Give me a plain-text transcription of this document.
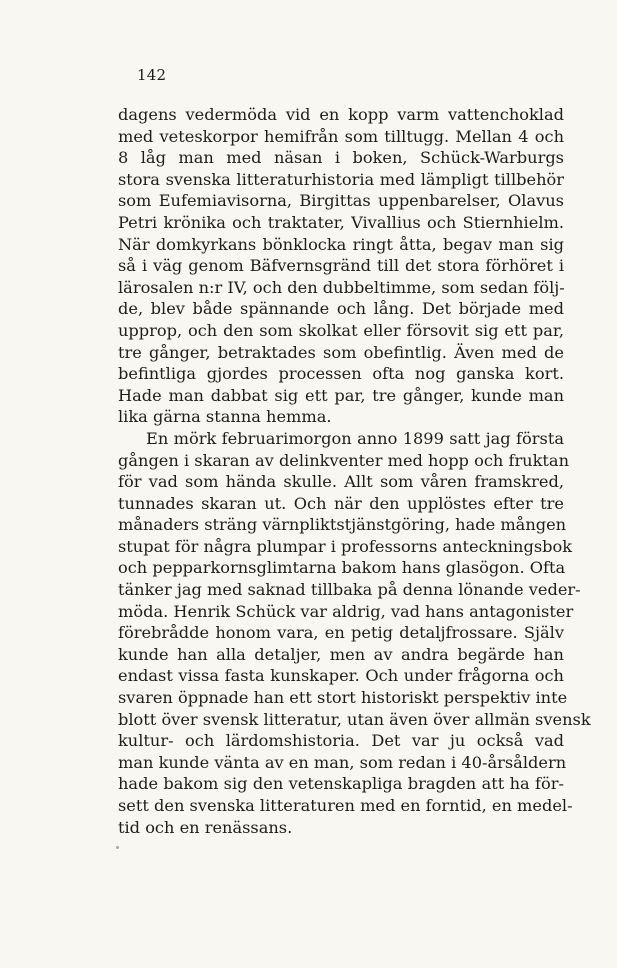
142
dagens vedermöda vid en kopp varm vattenchoklad
med veteskorpor hemifrån som tilltugg. Mellan 4 och
8 låg man med näsan i boken, Schück-Warburgs
stora svenska litteraturhistoria med lämpligt tillbehör
som Eufemiavisorna, Birgittas uppenbarelser, Olavus
Petri krönika och traktater, Vivallius och Stiernhielm.
När domkyrkans bönklocka ringt åtta, begav man sig
så i väg genom Bäfvernsgränd till det stora förhöret i
lärosalen n:r IV, och den dubbeltimme, som sedan följ-
de, blev både spännande och lång. Det började med
upprop, och den som skolkat eller försovit sig ett par,
tre gånger, betraktades som obefintlig. Även med de
befintliga gjordes processen ofta nog ganska kort.
Hade man dabbat sig ett par, tre gånger, kunde man
lika gärna stanna hemma.
En mörk februarimorgon anno 1899 satt jag första
gången i skaran av delinkventer med hopp och fruktan
för vad som hända skulle. Allt som våren framskred,
tunnades skaran ut. Och när den upplöstes efter tre
månaders sträng värnpliktstjänstgöring, hade mången
stupat för några plumpar i professorns anteckningsbok
och pepparkornsglimtarna bakom hans glasögon. Ofta
tänker jag med saknad tillbaka på denna lönande veder-
möda. Henrik Schück var aldrig, vad hans antagonister
förebrådde honom vara, en petig detaljfrossare. Själv
kunde han alla detaljer, men av andra begärde han
endast vissa fasta kunskaper. Och under frågorna och
svaren öppnade han ett stort historiskt perspektiv inte
blott över svensk litteratur, utan även över allmän svensk
kultur- och lärdomshistoria. Det var ju också vad
man kunde vänta av en man, som redan i 40-årsåldern
hade bakom sig den vetenskapliga bragden att ha för-
sett den svenska litteraturen med en forntid, en medel-
tid och en renässans.
